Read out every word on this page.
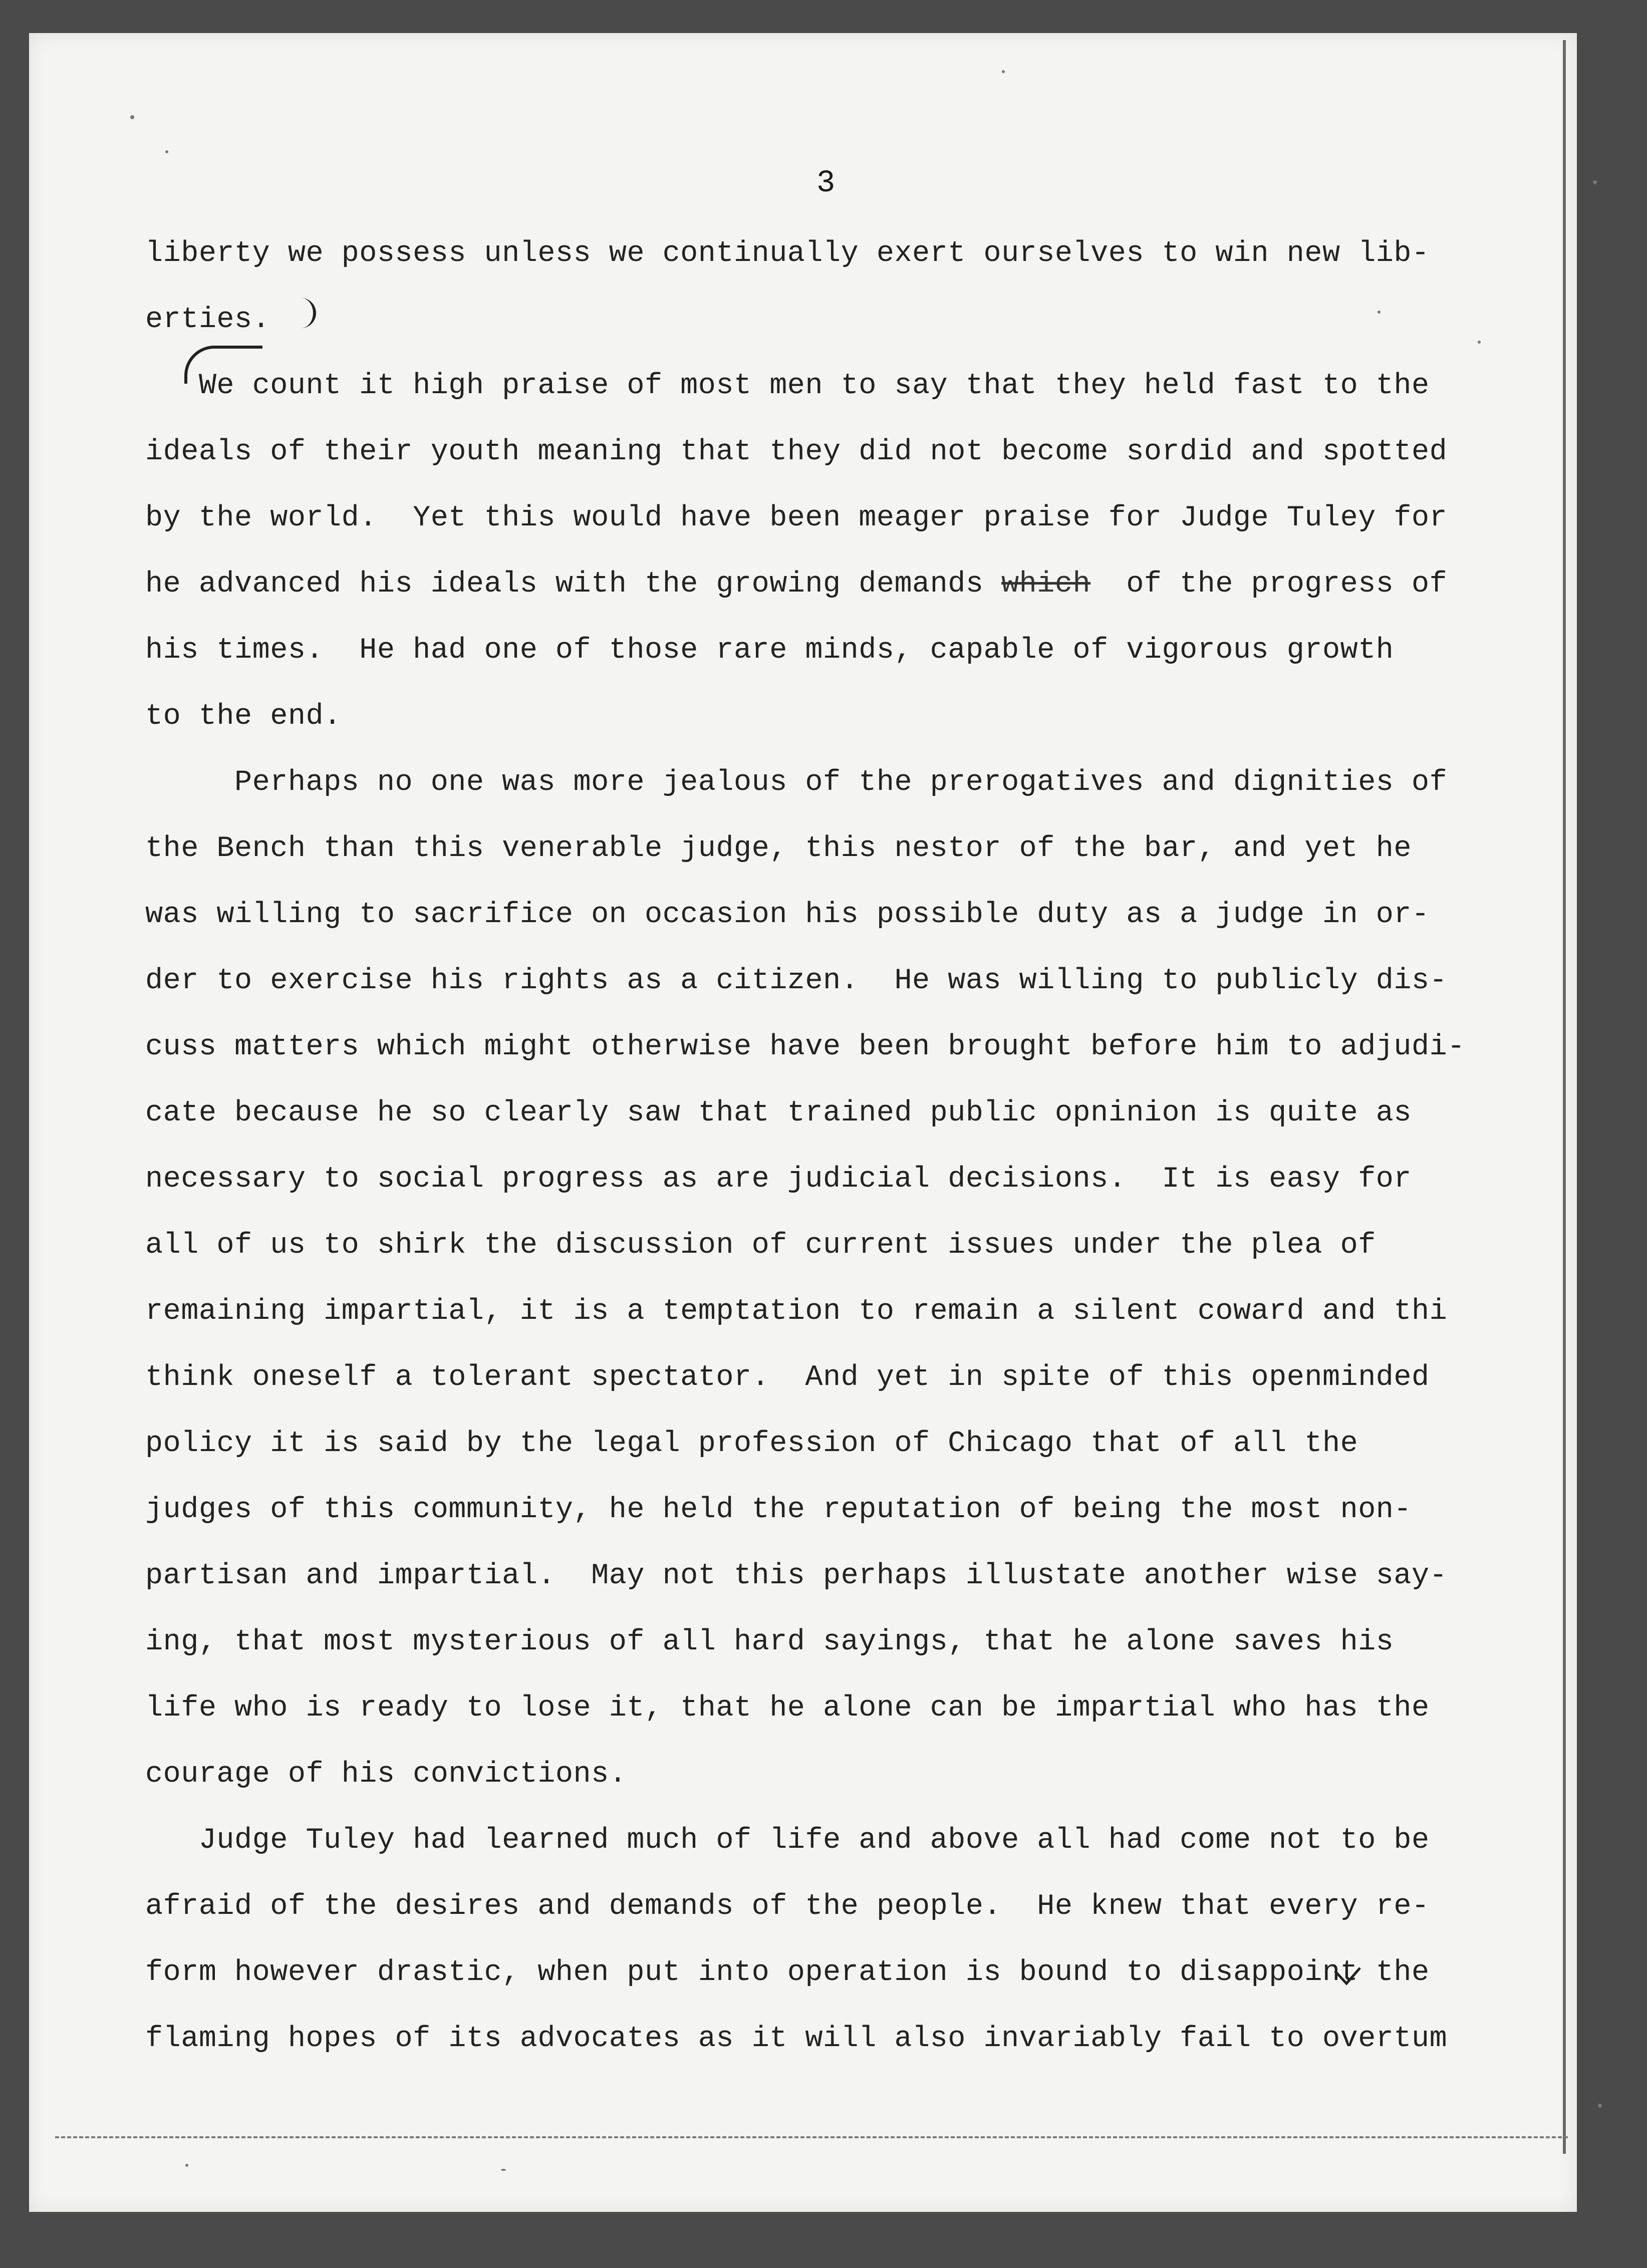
3
liberty we possess unless we continually exert ourselves to win new lib-
erties.
We count it high praise of most men to say that they held fast to the
ideals of their youth meaning that they did not become sordid and spotted
by the world.  Yet this would have been meager praise for Judge Tuley for
he advanced his ideals with the growing demands which  of the progress of
his times.  He had one of those rare minds, capable of vigorous growth
to the end.
Perhaps no one was more jealous of the prerogatives and dignities of
the Bench than this venerable judge, this nestor of the bar, and yet he
was willing to sacrifice on occasion his possible duty as a judge in or-
der to exercise his rights as a citizen.  He was willing to publicly dis-
cuss matters which might otherwise have been brought before him to adjudi-
cate because he so clearly saw that trained public opninion is quite as
necessary to social progress as are judicial decisions.  It is easy for
all of us to shirk the discussion of current issues under the plea of
remaining impartial, it is a temptation to remain a silent coward and thi
think oneself a tolerant spectator.  And yet in spite of this openminded
policy it is said by the legal profession of Chicago that of all the
judges of this community, he held the reputation of being the most non-
partisan and impartial.  May not this perhaps illustate another wise say-
ing, that most mysterious of all hard sayings, that he alone saves his
life who is ready to lose it, that he alone can be impartial who has the
courage of his convictions.
Judge Tuley had learned much of life and above all had come not to be
afraid of the desires and demands of the people.  He knew that every re-
form however drastic, when put into operation is bound to disappoint the
flaming hopes of its advocates as it will also invariably fail to overtum
